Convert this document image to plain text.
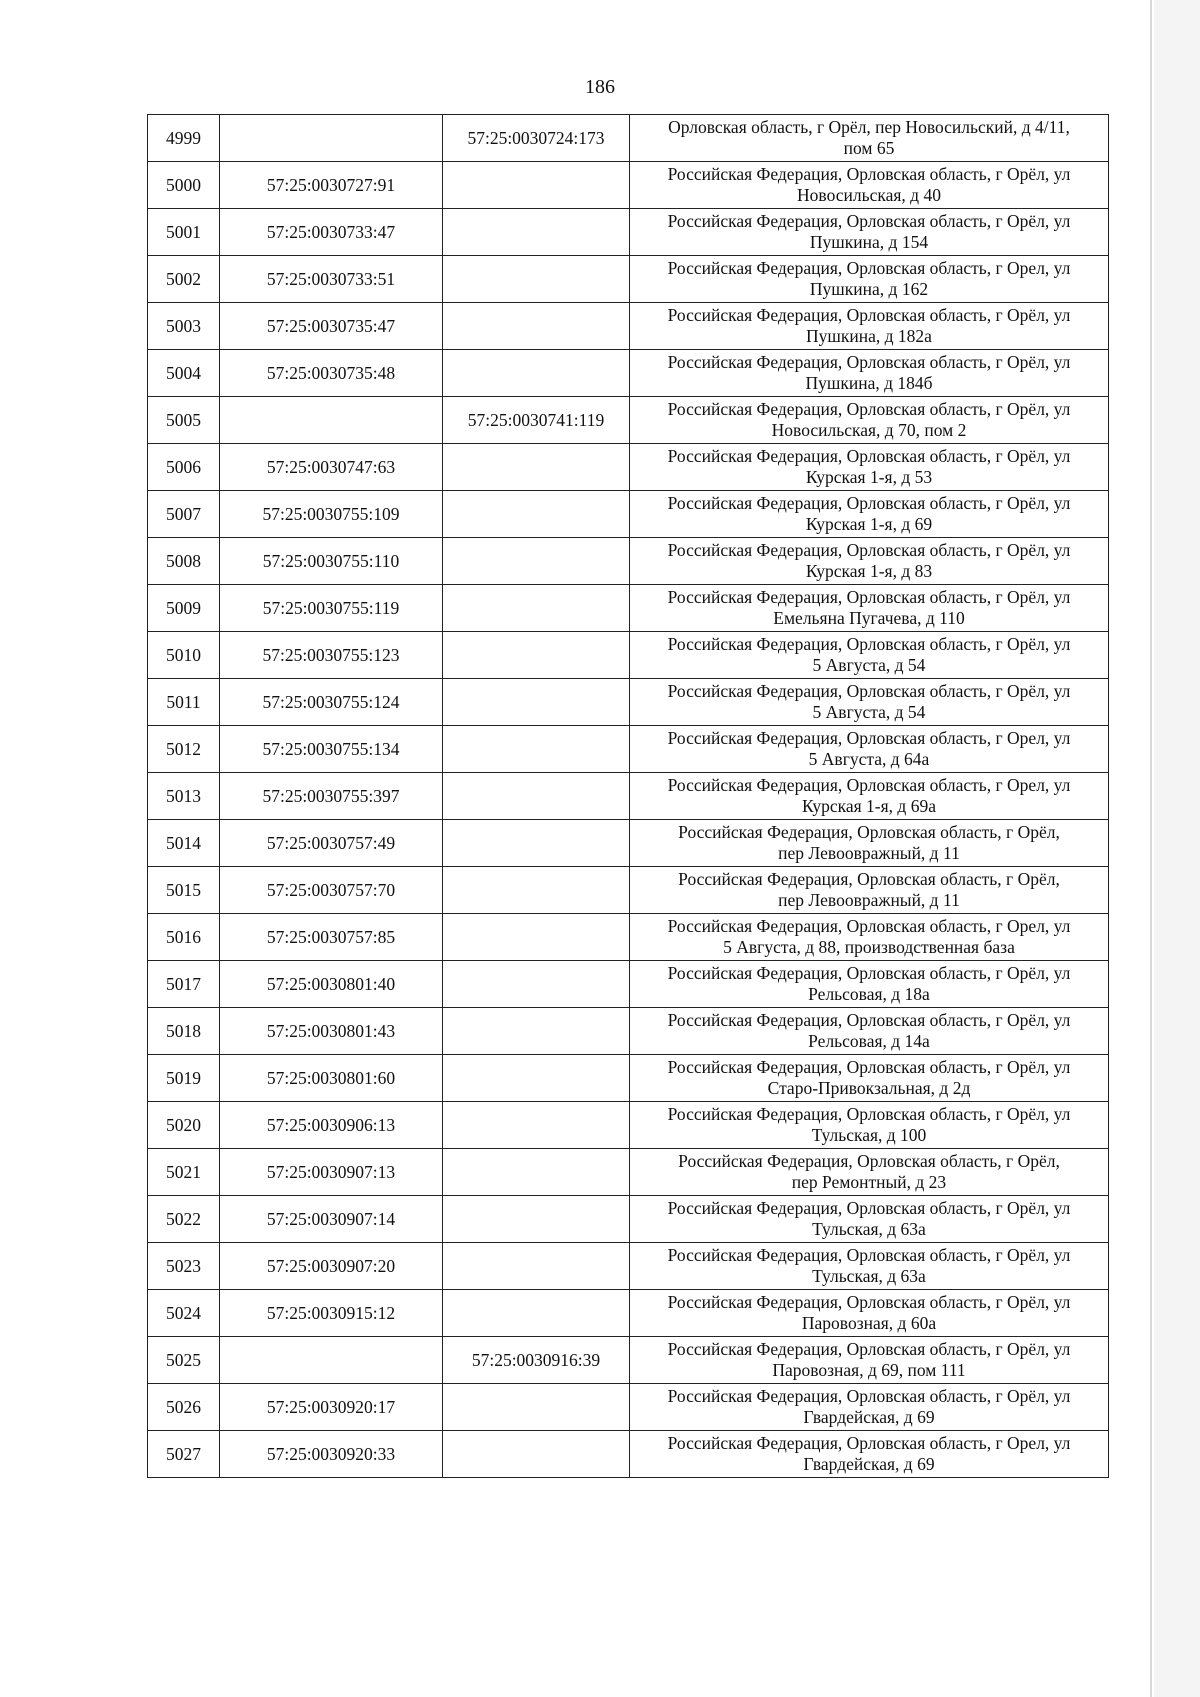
186
4999		57:25:0030724:173	Орловская область, г Орёл, пер Новосильский, д 4/11,
пом 65

5000	57:25:0030727:91		Российская Федерация, Орловская область, г Орёл, ул
Новосильская, д 40

5001	57:25:0030733:47		Российская Федерация, Орловская область, г Орёл, ул
Пушкина, д 154

5002	57:25:0030733:51		Российская Федерация, Орловская область, г Орел, ул
Пушкина, д 162

5003	57:25:0030735:47		Российская Федерация, Орловская область, г Орёл, ул
Пушкина, д 182а

5004	57:25:0030735:48		Российская Федерация, Орловская область, г Орёл, ул
Пушкина, д 184б

5005		57:25:0030741:119	Российская Федерация, Орловская область, г Орёл, ул
Новосильская, д 70, пом 2

5006	57:25:0030747:63		Российская Федерация, Орловская область, г Орёл, ул
Курская 1-я, д 53

5007	57:25:0030755:109		Российская Федерация, Орловская область, г Орёл, ул
Курская 1-я, д 69

5008	57:25:0030755:110		Российская Федерация, Орловская область, г Орёл, ул
Курская 1-я, д 83

5009	57:25:0030755:119		Российская Федерация, Орловская область, г Орёл, ул
Емельяна Пугачева, д 110

5010	57:25:0030755:123		Российская Федерация, Орловская область, г Орёл, ул
5 Августа, д 54

5011	57:25:0030755:124		Российская Федерация, Орловская область, г Орёл, ул
5 Августа, д 54

5012	57:25:0030755:134		Российская Федерация, Орловская область, г Орел, ул
5 Августа, д 64а

5013	57:25:0030755:397		Российская Федерация, Орловская область, г Орел, ул
Курская 1-я, д 69а

5014	57:25:0030757:49		Российская Федерация, Орловская область, г Орёл,
пер Левоовражный, д 11

5015	57:25:0030757:70		Российская Федерация, Орловская область, г Орёл,
пер Левоовражный, д 11

5016	57:25:0030757:85		Российская Федерация, Орловская область, г Орел, ул
5 Августа, д 88, производственная база

5017	57:25:0030801:40		Российская Федерация, Орловская область, г Орёл, ул
Рельсовая, д 18а

5018	57:25:0030801:43		Российская Федерация, Орловская область, г Орёл, ул
Рельсовая, д 14а

5019	57:25:0030801:60		Российская Федерация, Орловская область, г Орёл, ул
Старо-Привокзальная, д 2д

5020	57:25:0030906:13		Российская Федерация, Орловская область, г Орёл, ул
Тульская, д 100

5021	57:25:0030907:13		Российская Федерация, Орловская область, г Орёл,
пер Ремонтный, д 23

5022	57:25:0030907:14		Российская Федерация, Орловская область, г Орёл, ул
Тульская, д 63а

5023	57:25:0030907:20		Российская Федерация, Орловская область, г Орёл, ул
Тульская, д 63а

5024	57:25:0030915:12		Российская Федерация, Орловская область, г Орёл, ул
Паровозная, д 60а

5025		57:25:0030916:39	Российская Федерация, Орловская область, г Орёл, ул
Паровозная, д 69, пом 111

5026	57:25:0030920:17		Российская Федерация, Орловская область, г Орёл, ул
Гвардейская, д 69

5027	57:25:0030920:33		Российская Федерация, Орловская область, г Орел, ул
Гвардейская, д 69
